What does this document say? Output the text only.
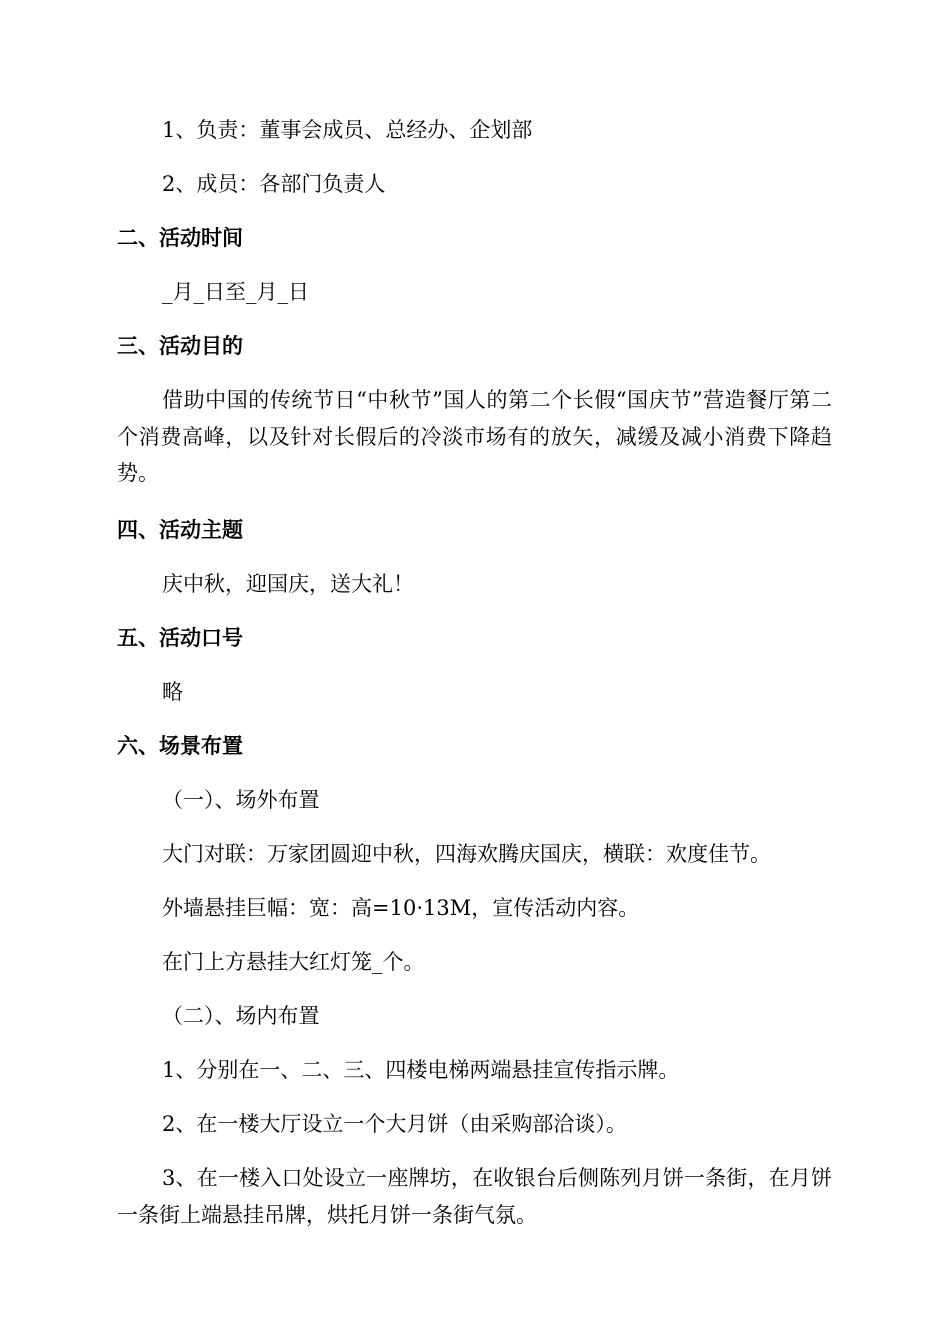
1、负责：董事会成员、总经办、企划部
2、成员：各部门负责人
二、活动时间
_月_日至_月_日
三、活动目的
借助中国的传统节日“中秋节”国人的第二个长假“国庆节”营造餐厅第二个消费高峰，以及针对长假后的冷淡市场有的放矢，减缓及减小消费下降趋势。
四、活动主题
庆中秋，迎国庆，送大礼！
五、活动口号
略
六、场景布置
（一）、场外布置
大门对联：万家团圆迎中秋，四海欢腾庆国庆，横联：欢度佳节。
外墙悬挂巨幅：宽：高=10·13M，宣传活动内容。
在门上方悬挂大红灯笼_个。
（二）、场内布置
1、分别在一、二、三、四楼电梯两端悬挂宣传指示牌。
2、在一楼大厅设立一个大月饼（由采购部洽谈）。
3、在一楼入口处设立一座牌坊，在收银台后侧陈列月饼一条街，在月饼一条街上端悬挂吊牌，烘托月饼一条街气氛。
